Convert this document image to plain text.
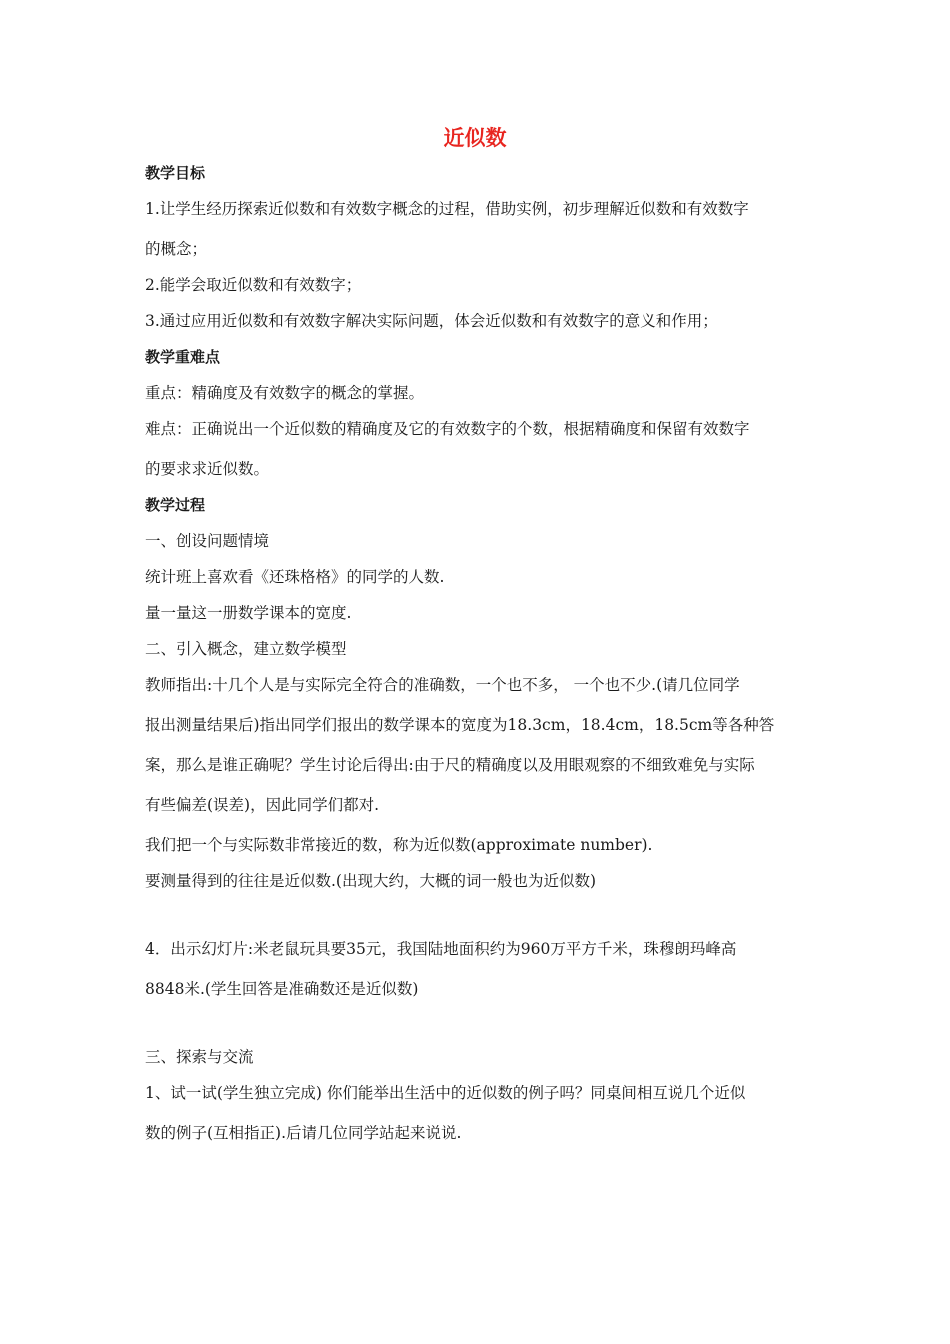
近似数
教学目标
1.让学生经历探索近似数和有效数字概念的过程，借助实例，初步理解近似数和有效数字
的概念；
2.能学会取近似数和有效数字；
3.通过应用近似数和有效数字解决实际问题，体会近似数和有效数字的意义和作用；
教学重难点
重点：精确度及有效数字的概念的掌握。
难点：正确说出一个近似数的精确度及它的有效数字的个数，根据精确度和保留有效数字
的要求求近似数。
教学过程
一、创设问题情境
统计班上喜欢看《还珠格格》的同学的人数.
量一量这一册数学课本的宽度.
二、引入概念，建立数学模型
教师指出:十几个人是与实际完全符合的准确数，一个也不多， 一个也不少.(请几位同学
报出测量结果后)指出同学们报出的数学课本的宽度为18.3cm，18.4cm，18.5cm等各种答
案，那么是谁正确呢？学生讨论后得出:由于尺的精确度以及用眼观察的不细致难免与实际
有些偏差(误差)，因此同学们都对.
我们把一个与实际数非常接近的数，称为近似数(approximate number).
要测量得到的往往是近似数.(出现大约，大概的词一般也为近似数)
4．出示幻灯片:米老鼠玩具要35元，我国陆地面积约为960万平方千米，珠穆朗玛峰高
8848米.(学生回答是准确数还是近似数)
三、探索与交流
1、试一试(学生独立完成) 你们能举出生活中的近似数的例子吗？同桌间相互说几个近似
数的例子(互相指正).后请几位同学站起来说说.
